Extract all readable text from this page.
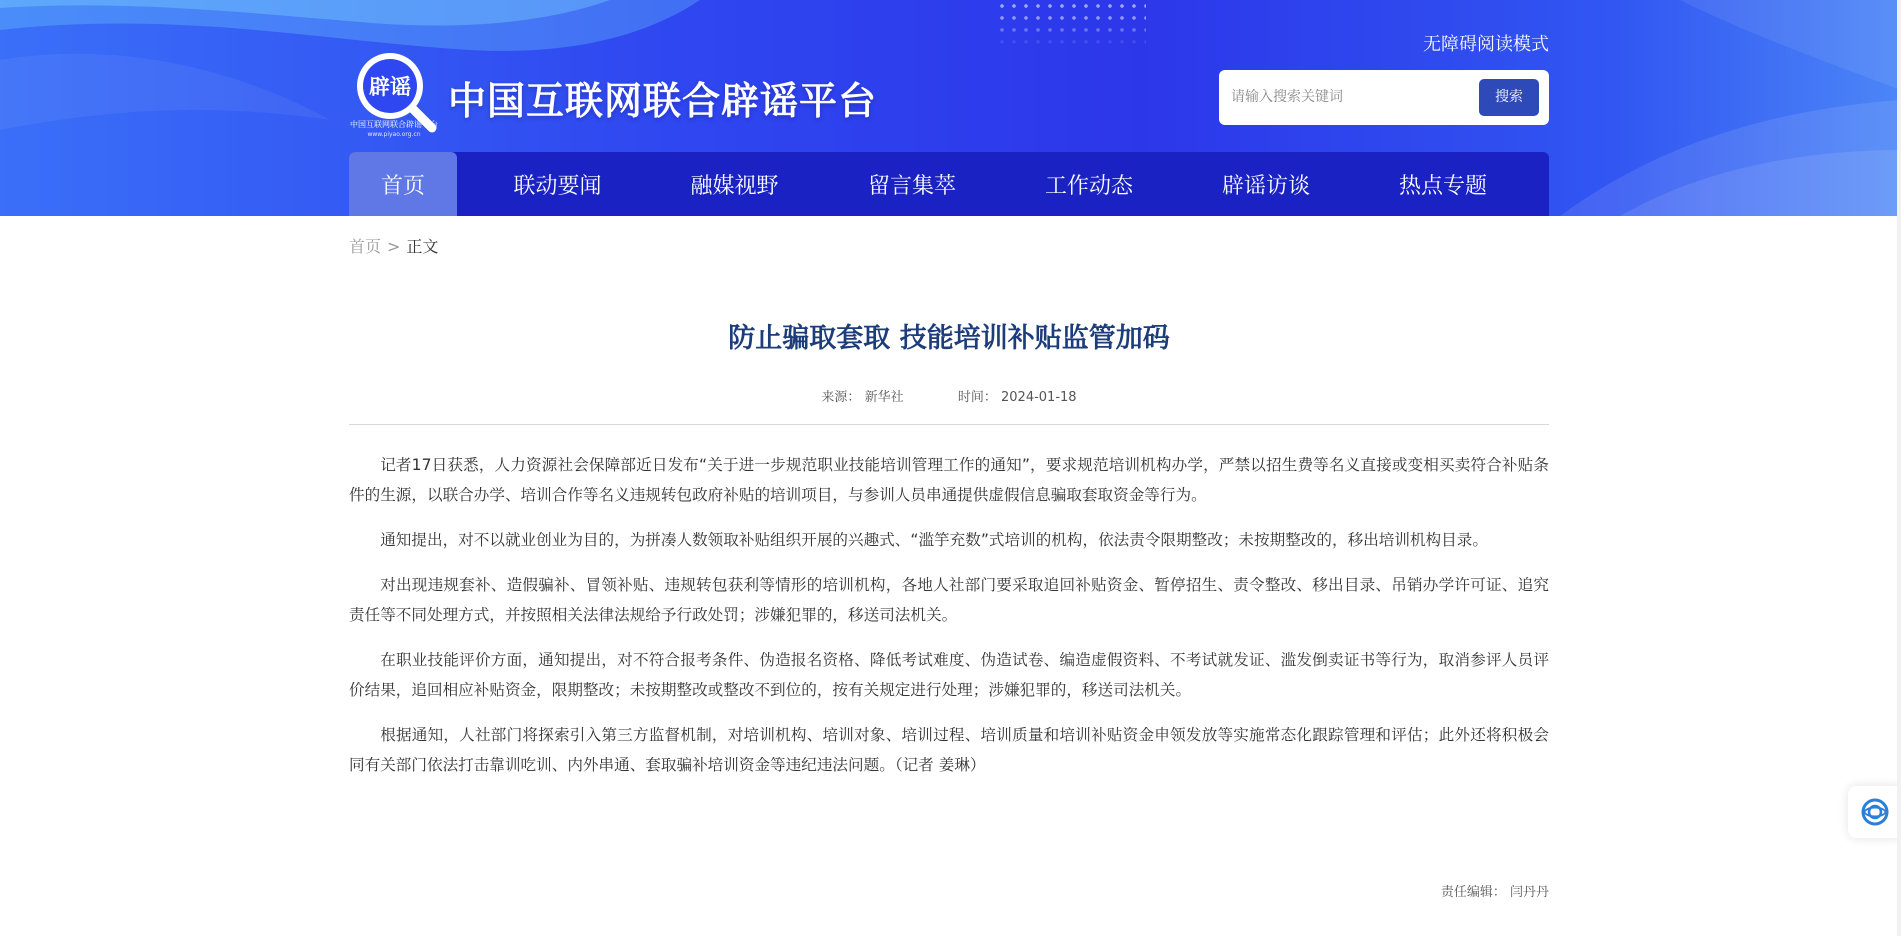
辟谣
中国互联网联合辟谣平台
www.piyao.org.cn
中国互联网联合辟谣平台
无障碍阅读模式
请输入搜索关键词
搜索
首页	联动要闻	融媒视野	留言集萃	工作动态	辟谣访谈	热点专题
首页 > 正文
防止骗取套取 技能培训补贴监管加码
来源： 新华社	时间： 2024-01-18

记者17日获悉，人力资源社会保障部近日发布“关于进一步规范职业技能培训管理工作的通知”，要求规范培训机构办学，严禁以招生费等名义直接或变相买卖符合补贴条件的生源，以联合办学、培训合作等名义违规转包政府补贴的培训项目，与参训人员串通提供虚假信息骗取套取资金等行为。

通知提出，对不以就业创业为目的，为拼凑人数领取补贴组织开展的兴趣式、“滥竽充数”式培训的机构，依法责令限期整改；未按期整改的，移出培训机构目录。

对出现违规套补、造假骗补、冒领补贴、违规转包获利等情形的培训机构，各地人社部门要采取追回补贴资金、暂停招生、责令整改、移出目录、吊销办学许可证、追究责任等不同处理方式，并按照相关法律法规给予行政处罚；涉嫌犯罪的，移送司法机关。

在职业技能评价方面，通知提出，对不符合报考条件、伪造报名资格、降低考试难度、伪造试卷、编造虚假资料、不考试就发证、滥发倒卖证书等行为，取消参评人员评价结果，追回相应补贴资金，限期整改；未按期整改或整改不到位的，按有关规定进行处理；涉嫌犯罪的，移送司法机关。

根据通知，人社部门将探索引入第三方监督机制，对培训机构、培训对象、培训过程、培训质量和培训补贴资金申领发放等实施常态化跟踪管理和评估；此外还将积极会同有关部门依法打击靠训吃训、内外串通、套取骗补培训资金等违纪违法问题。（记者 姜琳）

责任编辑： 闫丹丹
